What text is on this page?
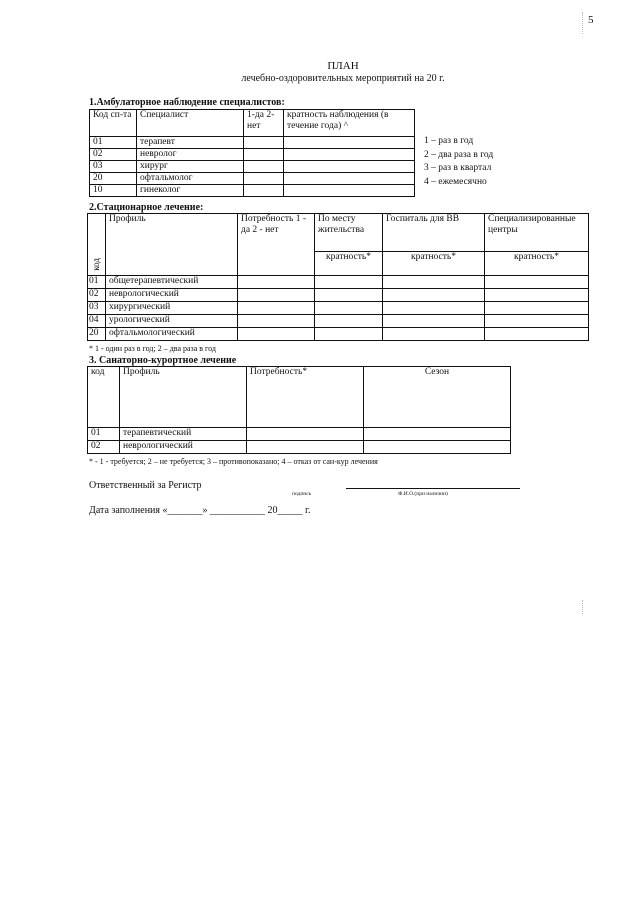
5
ПЛАН
лечебно-оздоровительных мероприятий на 20 г.
1.Амбулаторное наблюдение специалистов:
Код сп-та	Специалист	1-да 2-нет	кратность наблюдения (в течение года) ^
01	терапевт		
02	невролог		
03	хирург		
20	офтальмолог		
10	гинеколог		
1 – раз в год
2 – два раза в год
3 – раз в квартал
4 – ежемесячно
2.Стационарное лечение:
код	Профиль	Потребность 1 - да 2 - нет	По месту жительства	Госпиталь для ВВ	Специализированные центры
			кратность*	кратность*	кратность*
01	общетерапевтический				
02	неврологический				
03	хирургический				
04	урологический				
20	офтальмологический				
* 1 - один раз в год; 2 – два раза в год
3. Санаторно-курортное лечение
код	Профиль	Потребность*	Сезон
01	терапевтический		
02	неврологический		
* - 1 - требуется; 2 – не требуется; 3 – противопоказано; 4 – отказ от сан-кур лечения
Ответственный за Регистр
подпись	Ф.И.О.(при наличии)
Дата заполнения «_______» ___________ 20_____ г.
